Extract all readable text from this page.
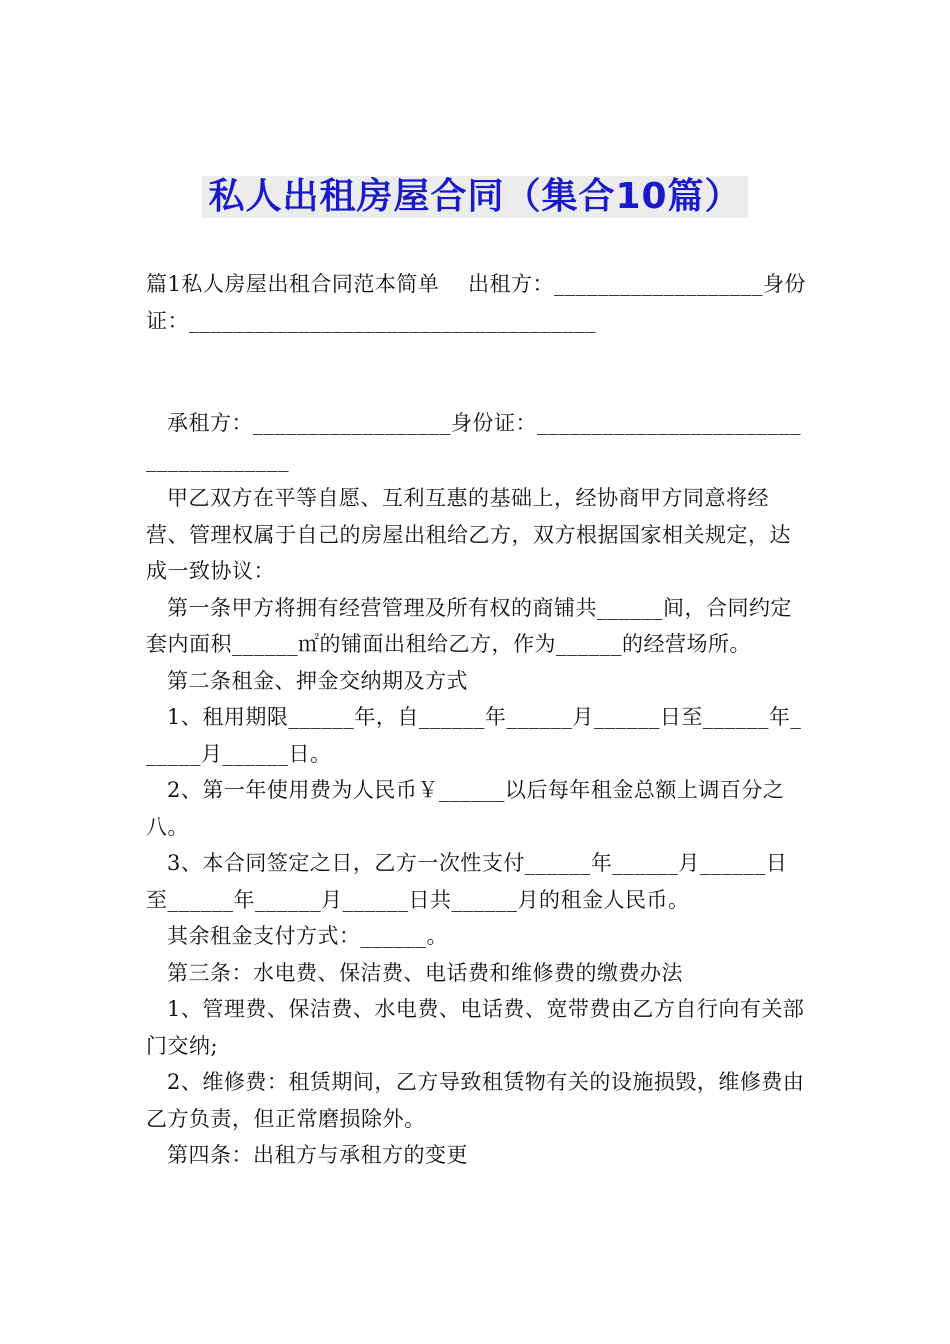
私人出租房屋合同（集合10篇）

篇1私人房屋出租合同范本简单    出租方：___________________身份证：_____________________________________

承租方：__________________身份证：_____________________________________

甲乙双方在平等自愿、互利互惠的基础上，经协商甲方同意将经营、管理权属于自己的房屋出租给乙方，双方根据国家相关规定，达成一致协议：

第一条甲方将拥有经营管理及所有权的商铺共______间，合同约定套内面积______㎡的铺面出租给乙方，作为______的经营场所。

第二条租金、押金交纳期及方式

1、租用期限______年，自______年______月______日至______年______月______日。

2、第一年使用费为人民币￥______以后每年租金总额上调百分之八。

3、本合同签定之日，乙方一次性支付______年______月______日至______年______月______日共______月的租金人民币。

其余租金支付方式：______。

第三条：水电费、保洁费、电话费和维修费的缴费办法

1、管理费、保洁费、水电费、电话费、宽带费由乙方自行向有关部门交纳;

2、维修费：租赁期间，乙方导致租赁物有关的设施损毁，维修费由乙方负责，但正常磨损除外。

第四条：出租方与承租方的变更
